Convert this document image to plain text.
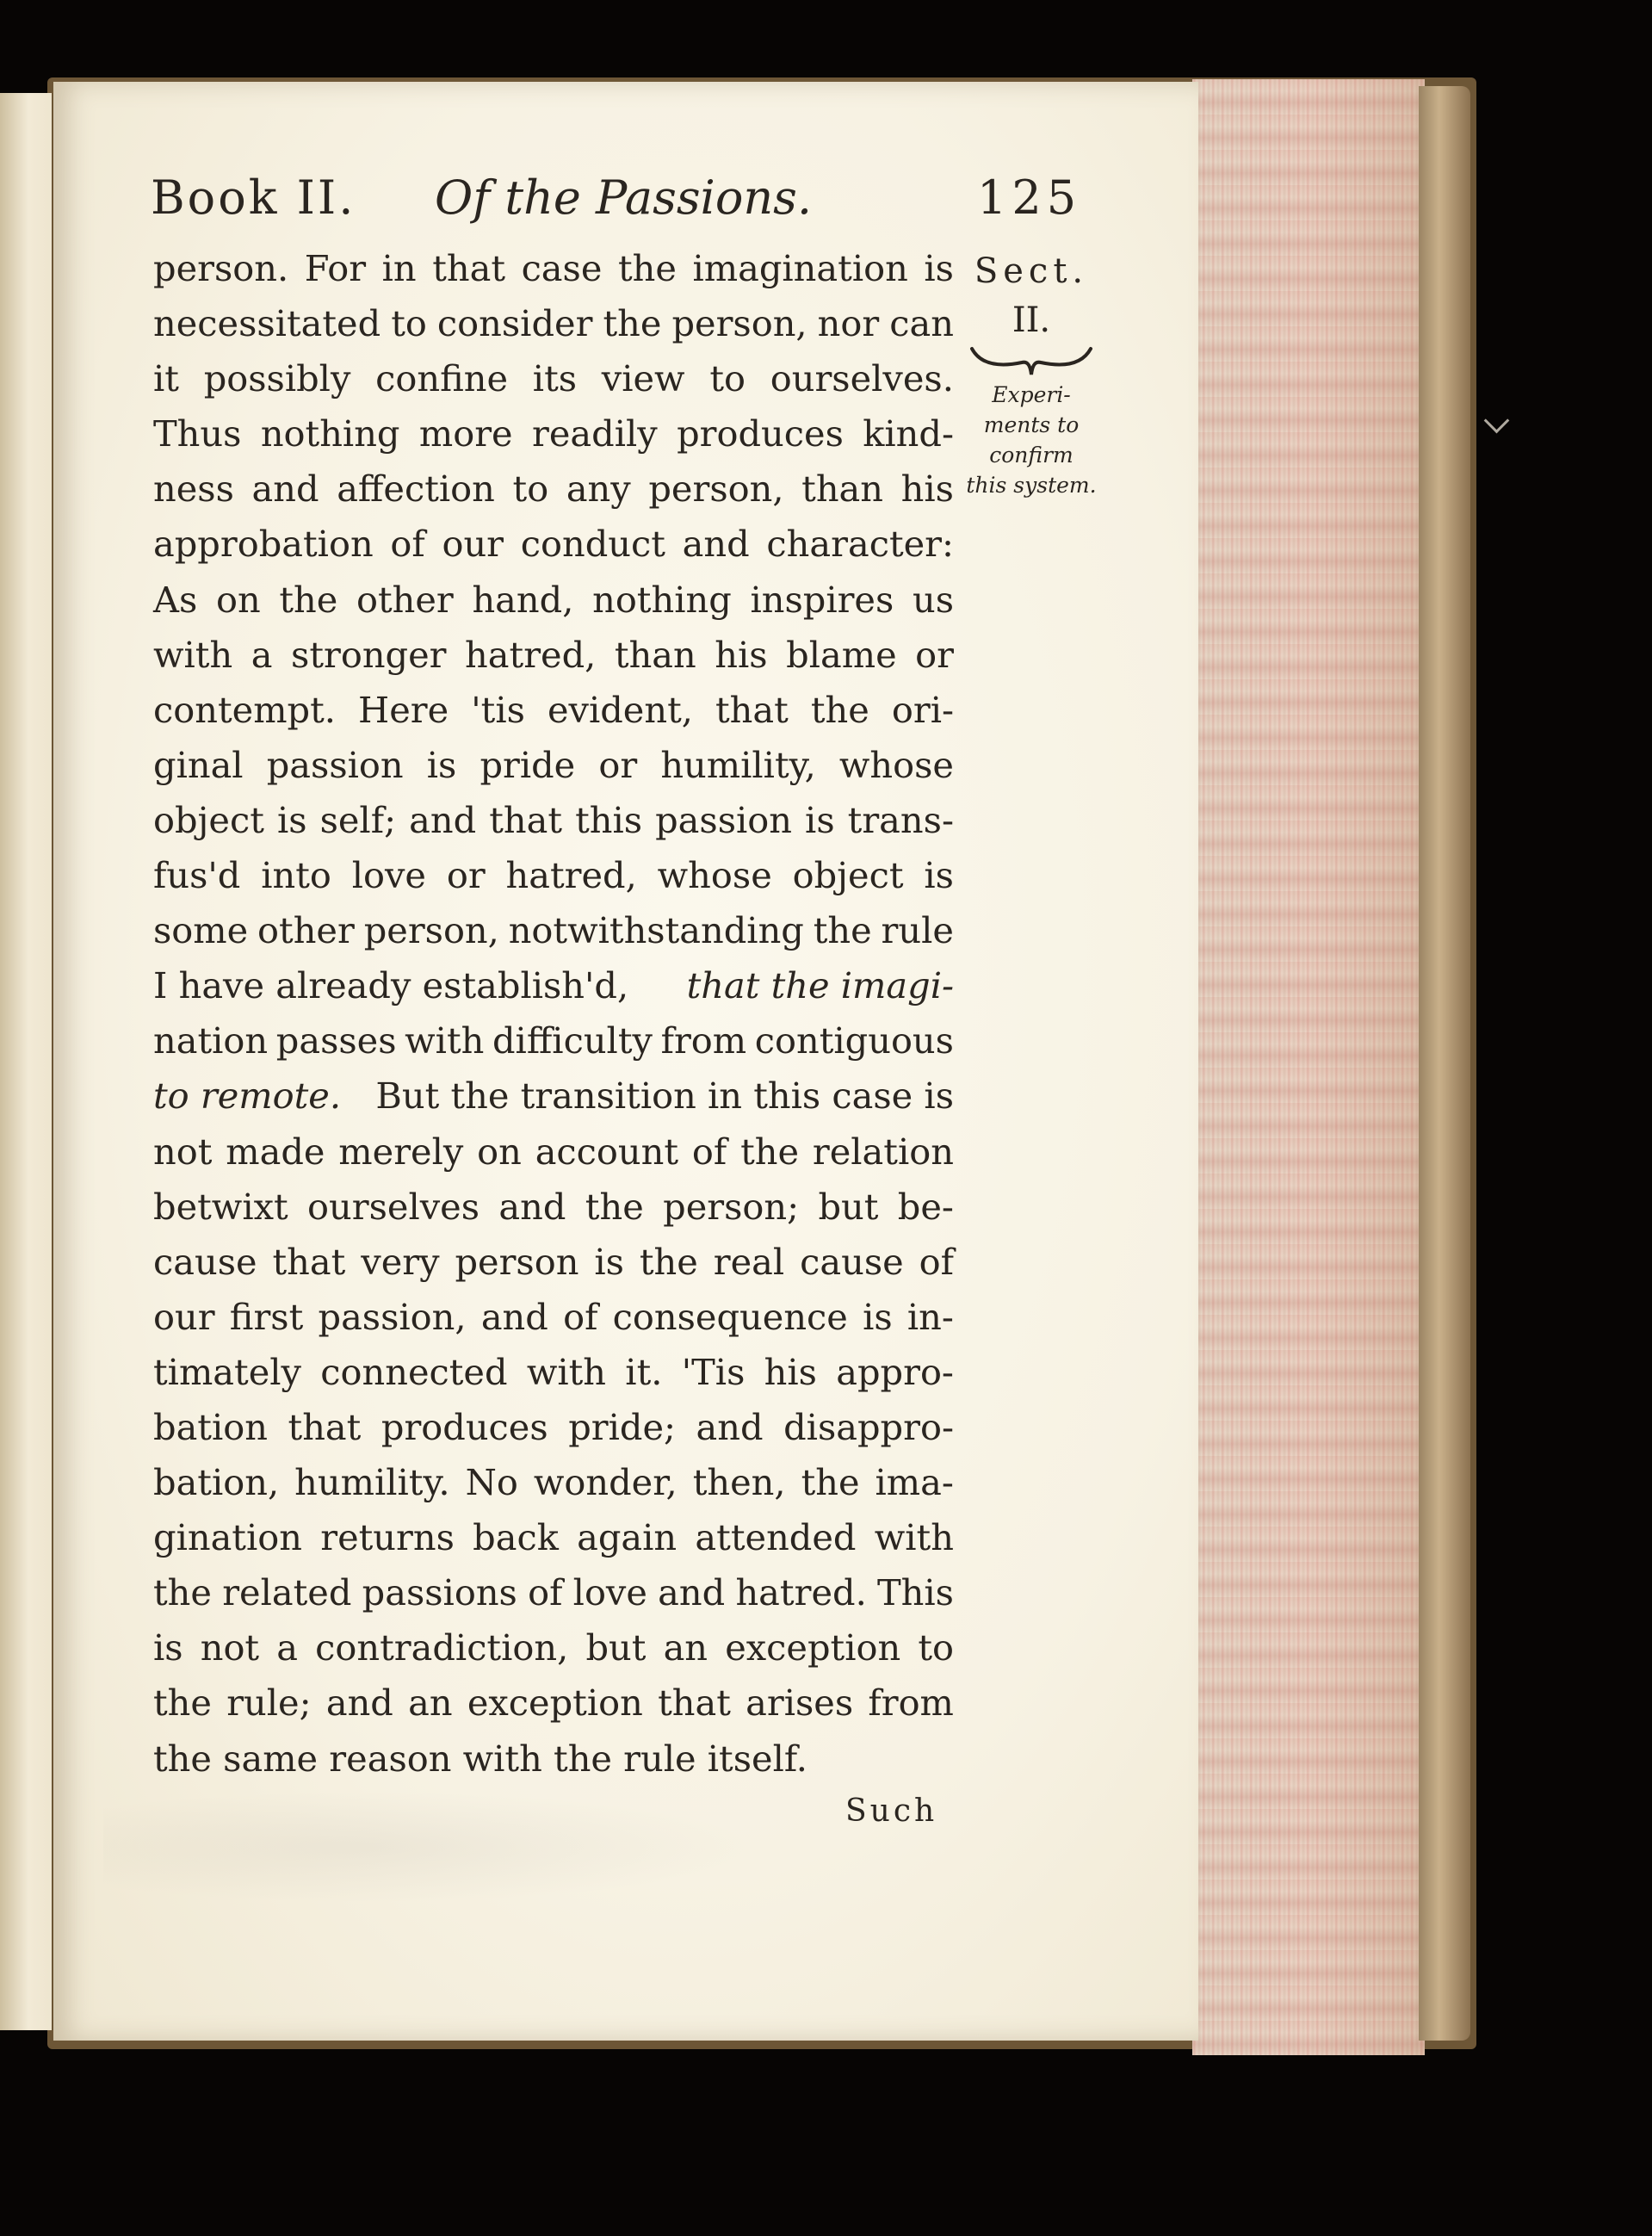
Book II. Of the Passions.	125
person. For in that case the imagination is
necessitated to consider the person, nor can
it possibly confine its view to ourselves.
Thus nothing more readily produces kind-
ness and affection to any person, than his
approbation of our conduct and character:
As on the other hand, nothing inspires us
with a stronger hatred, than his blame or
contempt. Here 'tis evident, that the ori-
ginal passion is pride or humility, whose
object is self; and that this passion is trans-
fus'd into love or hatred, whose object is
some other person, notwithstanding the rule
I have already establish'd, that the imagi-
nation passes with difficulty from contiguous
to remote. But the transition in this case is
not made merely on account of the relation
betwixt ourselves and the person; but be-
cause that very person is the real cause of
our first passion, and of consequence is in-
timately connected with it. 'Tis his appro-
bation that produces pride; and disappro-
bation, humility. No wonder, then, the ima-
gination returns back again attended with
the related passions of love and hatred. This
is not a contradiction, but an exception to
the rule; and an exception that arises from
the same reason with the rule itself.
Sect.
II.
Experi-
ments to
confirm
this system.
Such
